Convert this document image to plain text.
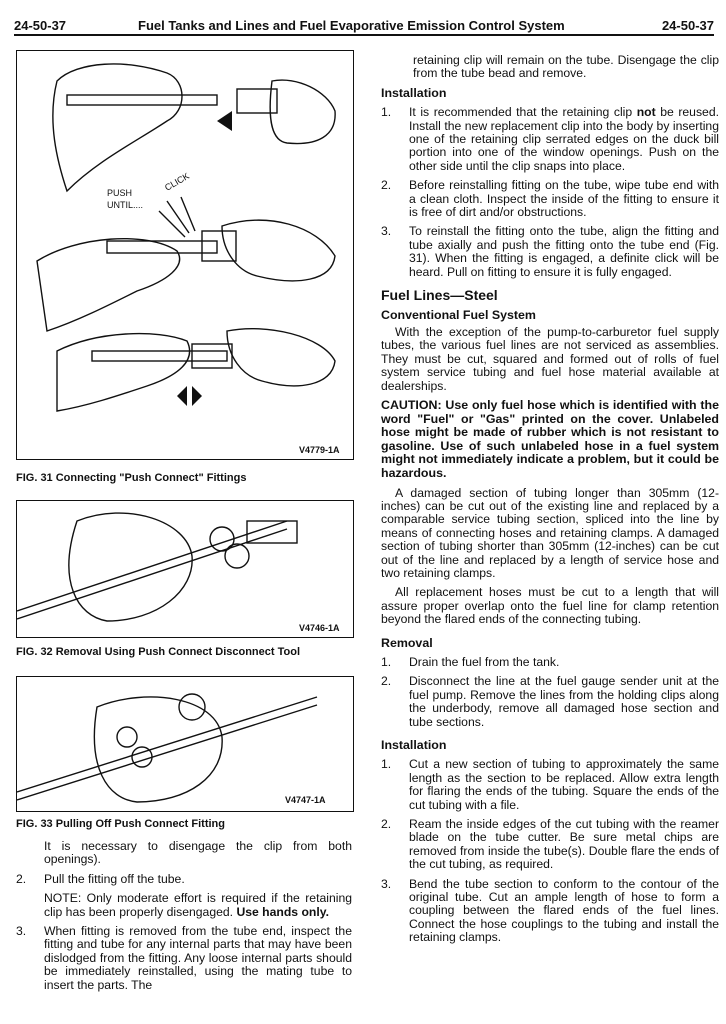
24-50-37	Fuel Tanks and Lines and Fuel Evaporative Emission Control System	24-50-37
PUSH
UNTIL....
CLICK
V4779-1A
FIG. 31 Connecting "Push Connect" Fittings
V4746-1A
FIG. 32 Removal Using Push Connect Disconnect Tool
V4747-1A
FIG. 33 Pulling Off Push Connect Fitting
It is necessary to disengage the clip from both openings).
2.	Pull the fitting off the tube.
NOTE: Only moderate effort is required if the retaining clip has been properly disengaged. Use hands only.
3.	When fitting is removed from the tube end, inspect the fitting and tube for any internal parts that may have been dislodged from the fitting. Any loose internal parts should be immediately reinstalled, using the mating tube to insert the parts. The
retaining clip will remain on the tube. Disengage the clip from the tube bead and remove.
Installation
1.	It is recommended that the retaining clip not be reused. Install the new replacement clip into the body by inserting one of the retaining clip serrated edges on the duck bill portion into one of the window openings. Push on the other side until the clip snaps into place.
2.	Before reinstalling fitting on the tube, wipe tube end with a clean cloth. Inspect the inside of the fitting to ensure it is free of dirt and/or obstructions.
3.	To reinstall the fitting onto the tube, align the fitting and tube axially and push the fitting onto the tube end (Fig. 31). When the fitting is engaged, a definite click will be heard. Pull on fitting to ensure it is fully engaged.
Fuel Lines—Steel
Conventional Fuel System
With the exception of the pump-to-carburetor fuel supply tubes, the various fuel lines are not serviced as assemblies. They must be cut, squared and formed out of rolls of fuel system service tubing and fuel hose material available at dealerships.
CAUTION: Use only fuel hose which is identified with the word "Fuel" or "Gas" printed on the cover. Unlabeled hose might be made of rubber which is not resistant to gasoline. Use of such unlabeled hose in a fuel system might not immediately indicate a problem, but it could be hazardous.
A damaged section of tubing longer than 305mm (12-inches) can be cut out of the existing line and replaced by a comparable service tubing section, spliced into the line by means of connecting hoses and retaining clamps. A damaged section of tubing shorter than 305mm (12-inches) can be cut out of the line and replaced by a length of service hose and two retaining clamps.
All replacement hoses must be cut to a length that will assure proper overlap onto the fuel line for clamp retention beyond the flared ends of the connecting tubing.
Removal
1.	Drain the fuel from the tank.
2.	Disconnect the line at the fuel gauge sender unit at the fuel pump. Remove the lines from the holding clips along the underbody, remove all damaged hose section and tube sections.
Installation
1.	Cut a new section of tubing to approximately the same length as the section to be replaced. Allow extra length for flaring the ends of the tubing. Square the ends of the cut tubing with a file.
2.	Ream the inside edges of the cut tubing with the reamer blade on the tube cutter. Be sure metal chips are removed from inside the tube(s). Double flare the ends of the cut tubing, as required.
3.	Bend the tube section to conform to the contour of the original tube. Cut an ample length of hose to form a coupling between the flared ends of the fuel lines. Connect the hose couplings to the tubing and install the retaining clamps.
